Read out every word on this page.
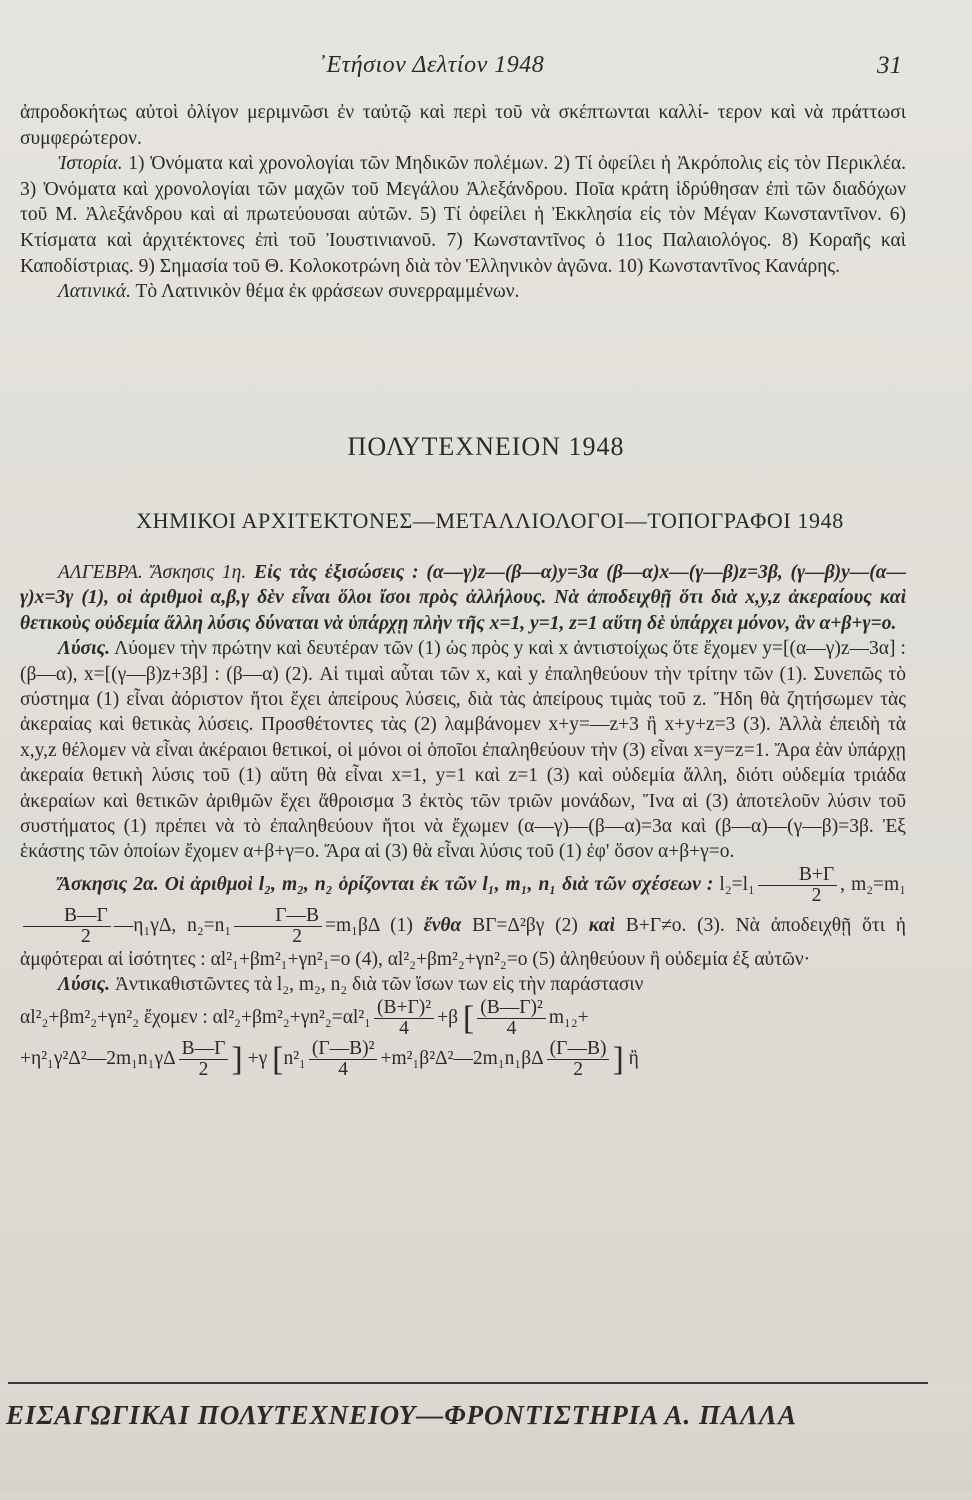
᾿Ετήσιον Δελτίον 1948	31

ἀπροδοκήτως αὐτοὶ ὀλίγον μεριμνῶσι ἐν ταὐτῷ καὶ περὶ τοῦ νὰ σκέπτωνται καλλί- τερον καὶ νὰ πράττωσι συμφερώτερον.

Ἱστορία. 1) Ὀνόματα καὶ χρονολογίαι τῶν Μηδικῶν πολέμων. 2) Τί ὀφείλει ἡ Ἀκρόπολις εἰς τὸν Περικλέα. 3) Ὀνόματα καὶ χρονολογίαι τῶν μαχῶν τοῦ Μεγάλου Ἀλεξάνδρου. Ποῖα κράτη ἱδρύθησαν ἐπὶ τῶν διαδόχων τοῦ Μ. Ἀλεξάνδρου καὶ αἱ πρωτεύουσαι αὐτῶν. 5) Τί ὀφείλει ἡ Ἐκκλησία εἰς τὸν Μέγαν Κωνσταντῖνον. 6) Κτίσματα καὶ ἀρχιτέκτονες ἐπὶ τοῦ Ἰουστινιανοῦ. 7) Κωνσταντῖνος ὁ 11ος Παλαιολόγος. 8) Κοραῆς καὶ Καποδίστριας. 9) Σημασία τοῦ Θ. Κολοκοτρώνη διὰ τὸν Ἑλληνικὸν ἀγῶνα. 10) Κωνσταντῖνος Κανάρης.

Λατινικά. Τὸ Λατινικὸν θέμα ἐκ φράσεων συνερραμμένων.

ΠΟΛΥΤΕΧΝΕΙΟΝ 1948
ΧΗΜΙΚΟΙ ΑΡΧΙΤΕΚΤΟΝΕΣ—ΜΕΤΑΛΛΙΟΛΟΓΟΙ—ΤΟΠΟΓΡΑΦΟΙ 1948

ΑΛΓΕΒΡΑ. Ἄσκησις 1η. Εἰς τὰς ἐξισώσεις : (α—γ)z—(β—α)y=3α (β—α)x—(γ—β)z=3β, (γ—β)y—(α—γ)x=3γ (1), οἱ ἀριθμοὶ α,β,γ δὲν εἶναι ὅλοι ἴσοι πρὸς ἀλλήλους. Νὰ ἀποδειχθῇ ὅτι διὰ x,y,z ἀκεραίους καὶ θετικοὺς οὐδεμία ἄλλη λύσις δύναται νὰ ὑπάρχῃ πλὴν τῆς x=1, y=1, z=1 αὕτη δὲ ὑπάρχει μόνον, ἂν α+β+γ=ο.

Λύσις. Λύομεν τὴν πρώτην καὶ δευτέραν τῶν (1) ὡς πρὸς y καὶ x ἀντιστοίχως ὅτε ἔχομεν y=[(α—γ)z—3α] : (β—α), x=[(γ—β)z+3β] : (β—α) (2). Αἱ τιμαὶ αὗται τῶν x, καὶ y ἐπαληθεύουν τὴν τρίτην τῶν (1). Συνεπῶς τὸ σύστημα (1) εἶναι ἀόριστον ἤτοι ἔχει ἀπείρους λύσεις, διὰ τὰς ἀπείρους τιμὰς τοῦ z. Ἤδη θὰ ζητήσωμεν τὰς ἀκεραίας καὶ θετικὰς λύσεις. Προσθέτοντες τὰς (2) λαμβάνομεν x+y=—z+3 ἢ x+y+z=3 (3). Ἀλλὰ ἐπειδὴ τὰ x,y,z θέλομεν νὰ εἶναι ἀκέραιοι θετικοί, οἱ μόνοι οἱ ὁποῖοι ἐπαληθεύουν τὴν (3) εἶναι x=y=z=1. Ἄρα ἐὰν ὑπάρχῃ ἀκεραία θετικὴ λύσις τοῦ (1) αὕτη θὰ εἶναι x=1, y=1 καὶ z=1 (3) καὶ οὐδεμία ἄλλη, διότι οὐδεμία τριάδα ἀκεραίων καὶ θετικῶν ἀριθμῶν ἔχει ἄθροισμα 3 ἐκτὸς τῶν τριῶν μονάδων, Ἵνα αἱ (3) ἀποτελοῦν λύσιν τοῦ συστήματος (1) πρέπει νὰ τὸ ἐπαληθεύουν ἤτοι νὰ ἔχωμεν (α—γ)—(β—α)=3α καὶ (β—α)—(γ—β)=3β. Ἐξ ἑκάστης τῶν ὁποίων ἔχομεν α+β+γ=ο. Ἄρα αἱ (3) θὰ εἶναι λύσις τοῦ (1) ἐφ' ὅσον α+β+γ=ο.

Ἄσκησις 2α. Οἱ ἀριθμοὶ l₂, m₂, n₂ ὁρίζονται ἐκ τῶν l₁, m₁, n₁ διὰ τῶν σχέσεων : $l_2=l_1 \frac{B+\Gamma}{2}$ , m₂=m₁
$\frac{B—\Gamma}{2}$ —η₁γΔ, $n_2=n_1 \frac{\Gamma—B}{2} =m_1\beta\Delta$ (1) ἔνθα ΒΓ=Δ²βγ (2) καὶ Β+Γ≠ο. (3). Νὰ ἀποδειχθῇ ὅτι ἡ ἀμφότεραι αἱ ἰσότητες : αl²₁+βm²₁+γn²₁=ο (4), αl²₂+βm²₂+γn²₂=ο (5) ἀληθεύουν ἢ οὐδεμία ἐξ αὐτῶν·

Λύσις. Ἀντικαθιστῶντες τὰ l₂, m₂, n₂ διὰ τῶν ἴσων των εἰς τὴν παράστασιν

αl²₂+βm²₂+γn²₂ ἔχομεν : $\alpha l^2_2+\beta m^2_2+\gamma n^2_2=\alpha l^2_1 \frac{\text{(Β+Γ)²}}{4} +\beta$ [ $\frac{\text{(Β—Γ)²}}{4} m_{12}+$

+η²₁γ²Δ²—2m₁n₁γΔ $\frac{B—\Gamma}{2}$ ] +γ [$n^2_1 \frac{\text{(Γ—Β)²}}{4}$ +m²₁β²Δ²—2m₁n₁βΔ $\frac{(\Gamma—B)}{2}$ ] ἢ

ΕΙΣΑΓΩΓΙΚΑΙ ΠΟΛΥΤΕΧΝΕΙΟΥ—ΦΡΟΝΤΙΣΤΗΡΙΑ Α. ΠΑΛΛΑ
